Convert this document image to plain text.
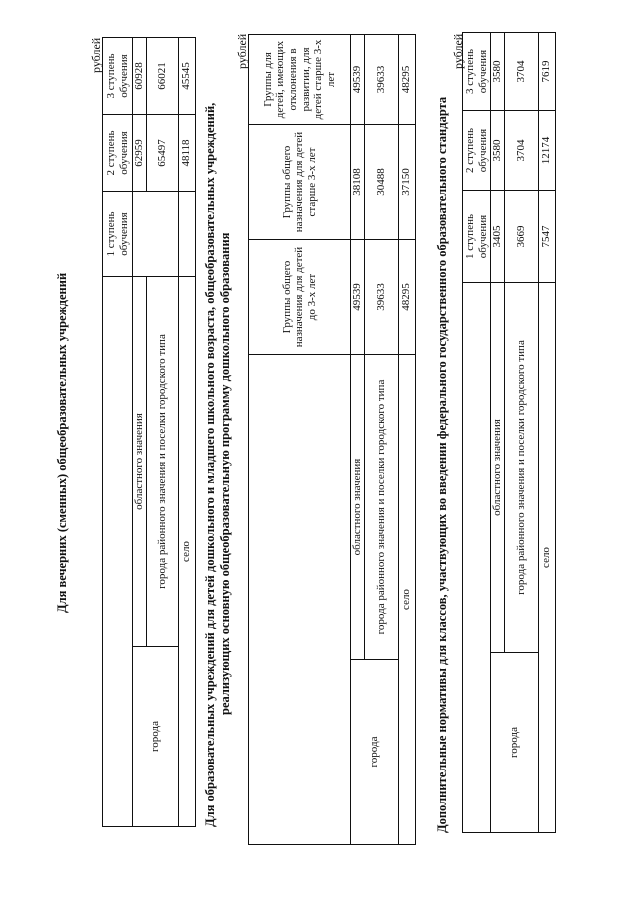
Для вечерних (сменных) общеобразовательных учреждений
рублей
		1 ступень обучения	2 ступень обучения	3 ступень обучения
города	областного значения		62959	60928
	города районного значения и поселки городского типа		65497	66021
село			48118	45545
Для образовательных учреждений для детей дошкольного и младшего школьного возраста, общеобразовательных учреждений, реализующих основную общеобразовательную программу дошкольного образования
рублей
		Группы общего назначения для детей до 3-х лет	Группы общего назначения для детей старше 3-х лет	Группы для детей, имеющих отклонения в развитии, для детей старше 3-х лет
города	областного значения	49539	38108	49539
	города районного значения и поселки городского типа	39633	30488	39633
село		48295	37150	48295
Дополнительные нормативы для классов, участвующих во введении федерального государственного образовательного стандарта
рублей
		1 ступень обучения	2 ступень обучения	3 ступень обучения
города	областного значения	3405	3580	3580
	города районного значения и поселки городского типа	3669	3704	3704
село		7547	12174	7619
